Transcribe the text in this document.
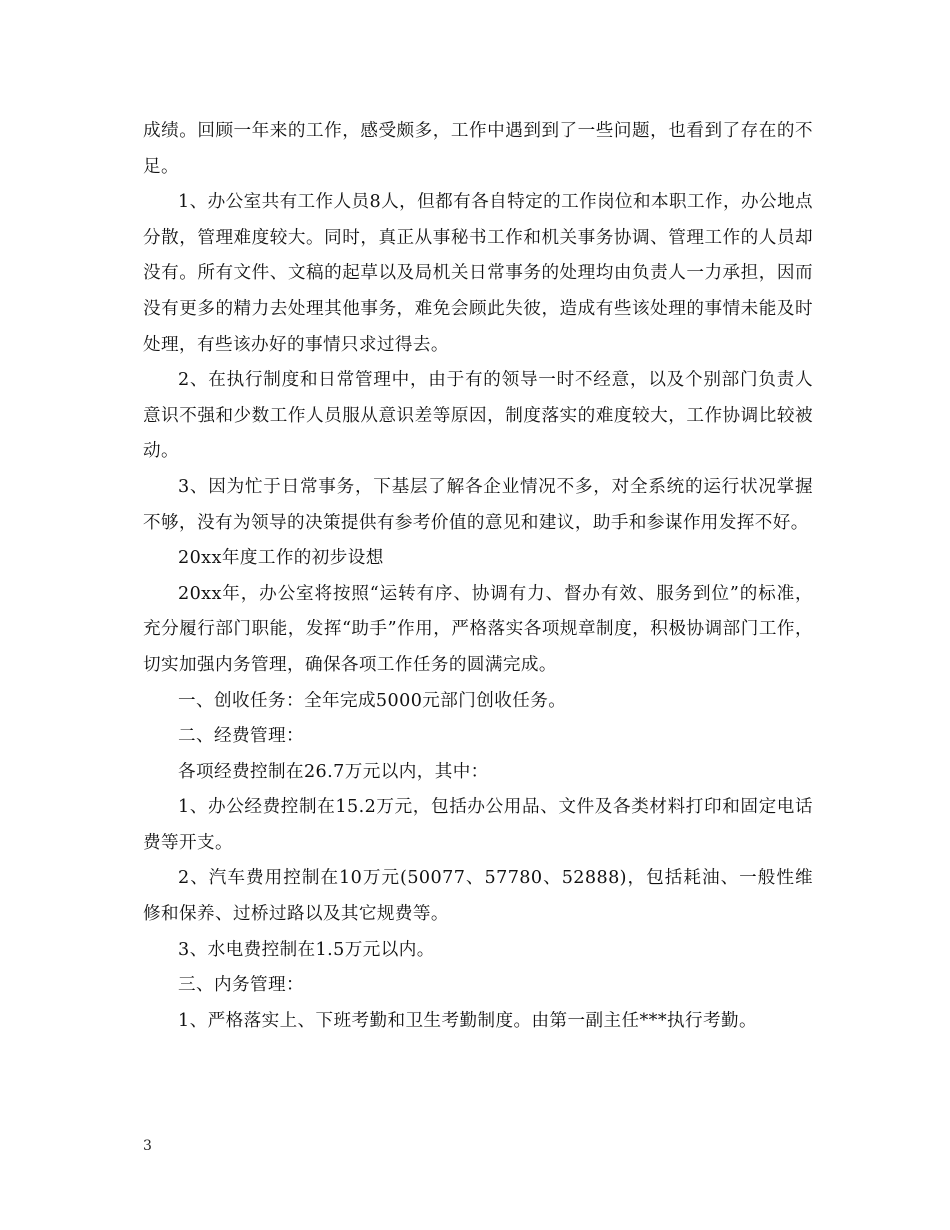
成绩。回顾一年来的工作，感受颇多，工作中遇到到了一些问题，也看到了存在的不足。

1、办公室共有工作人员8人，但都有各自特定的工作岗位和本职工作，办公地点分散，管理难度较大。同时，真正从事秘书工作和机关事务协调、管理工作的人员却没有。所有文件、文稿的起草以及局机关日常事务的处理均由负责人一力承担，因而没有更多的精力去处理其他事务，难免会顾此失彼，造成有些该处理的事情未能及时处理，有些该办好的事情只求过得去。

2、在执行制度和日常管理中，由于有的领导一时不经意，以及个别部门负责人意识不强和少数工作人员服从意识差等原因，制度落实的难度较大，工作协调比较被动。

3、因为忙于日常事务，下基层了解各企业情况不多，对全系统的运行状况掌握不够，没有为领导的决策提供有参考价值的意见和建议，助手和参谋作用发挥不好。

20xx年度工作的初步设想

20xx年，办公室将按照“运转有序、协调有力、督办有效、服务到位”的标准，充分履行部门职能，发挥“助手”作用，严格落实各项规章制度，积极协调部门工作，切实加强内务管理，确保各项工作任务的圆满完成。

一、创收任务：全年完成5000元部门创收任务。

二、经费管理：

各项经费控制在26.7万元以内，其中：

1、办公经费控制在15.2万元，包括办公用品、文件及各类材料打印和固定电话费等开支。

2、汽车费用控制在10万元(50077、57780、52888)，包括耗油、一般性维修和保养、过桥过路以及其它规费等。

3、水电费控制在1.5万元以内。

三、内务管理：

1、严格落实上、下班考勤和卫生考勤制度。由第一副主任***执行考勤。

3
